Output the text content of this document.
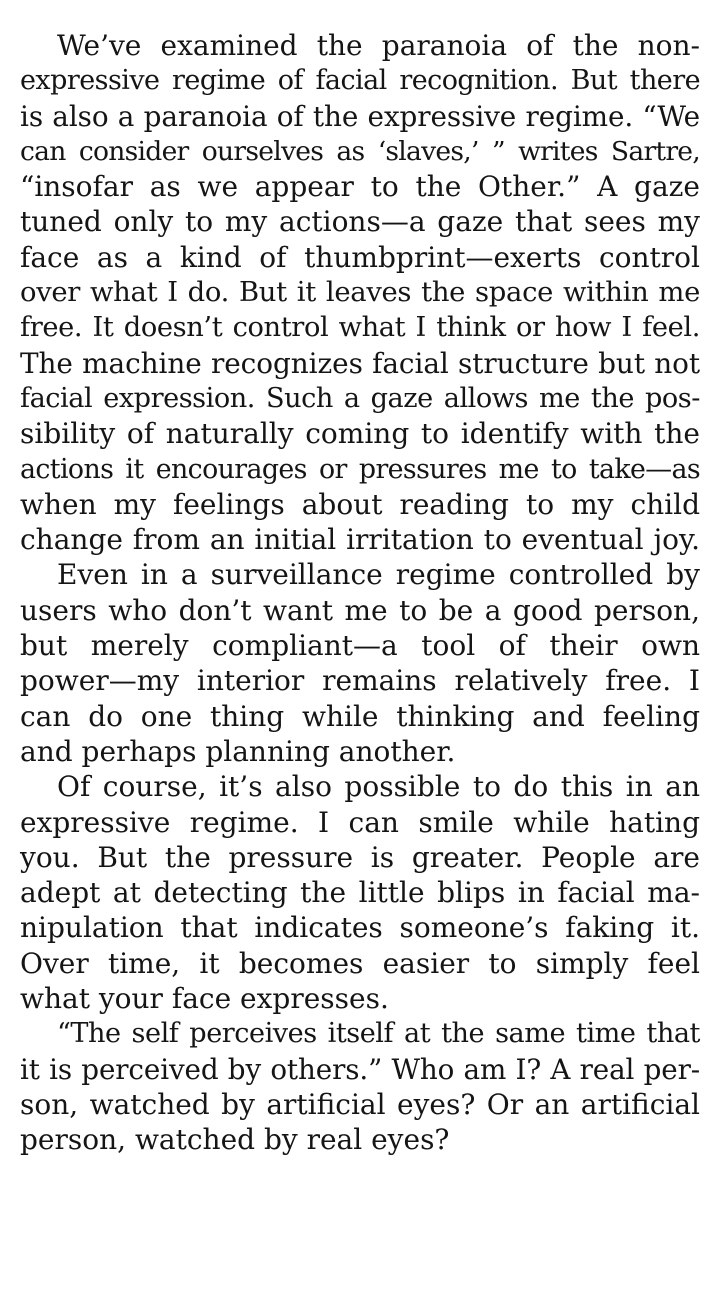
We’ve examined the paranoia of the non-
expressive regime of facial recognition. But there
is also a paranoia of the expressive regime. “We
can consider ourselves as ‘slaves,’ ” writes Sartre,
“insofar as we appear to the Other.” A gaze
tuned only to my actions—a gaze that sees my
face as a kind of thumbprint—exerts control
over what I do. But it leaves the space within me
free. It doesn’t control what I think or how I feel.
The machine recognizes facial structure but not
facial expression. Such a gaze allows me the pos-
sibility of naturally coming to identify with the
actions it encourages or pressures me to take—as
when my feelings about reading to my child
change from an initial irritation to eventual joy.
Even in a surveillance regime controlled by
users who don’t want me to be a good person,
but merely compliant—a tool of their own
power—my interior remains relatively free. I
can do one thing while thinking and feeling
and perhaps planning another.
Of course, it’s also possible to do this in an
expressive regime. I can smile while hating
you. But the pressure is greater. People are
adept at detecting the little blips in facial ma-
nipulation that indicates someone’s faking it.
Over time, it becomes easier to simply feel
what your face expresses.
“The self perceives itself at the same time that
it is perceived by others.” Who am I? A real per-
son, watched by artificial eyes? Or an artificial
person, watched by real eyes?
